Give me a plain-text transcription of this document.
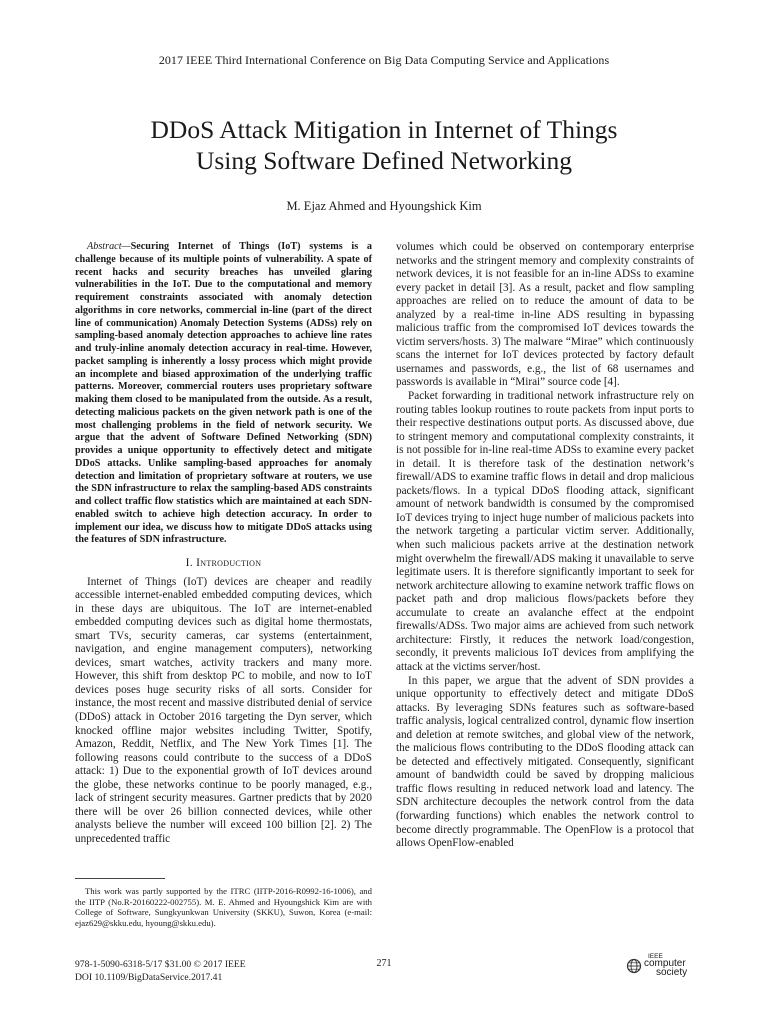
2017 IEEE Third International Conference on Big Data Computing Service and Applications
DDoS Attack Mitigation in Internet of Things
Using Software Defined Networking
M. Ejaz Ahmed and Hyoungshick Kim

Abstract—Securing Internet of Things (IoT) systems is a challenge because of its multiple points of vulnerability. A spate of recent hacks and security breaches has unveiled glaring vulnerabilities in the IoT. Due to the computational and memory requirement constraints associated with anomaly detection algorithms in core networks, commercial in-line (part of the direct line of communication) Anomaly Detection Systems (ADSs) rely on sampling-based anomaly detection approaches to achieve line rates and truly-inline anomaly detection accuracy in real-time. However, packet sampling is inherently a lossy process which might provide an incomplete and biased approximation of the underlying traffic patterns. Moreover, commercial routers uses proprietary software making them closed to be manipulated from the outside. As a result, detecting malicious packets on the given network path is one of the most challenging problems in the field of network security. We argue that the advent of Software Defined Networking (SDN) provides a unique opportunity to effectively detect and mitigate DDoS attacks. Unlike sampling-based approaches for anomaly detection and limitation of proprietary software at routers, we use the SDN infrastructure to relax the sampling-based ADS constraints and collect traffic flow statistics which are maintained at each SDN-enabled switch to achieve high detection accuracy. In order to implement our idea, we discuss how to mitigate DDoS attacks using the features of SDN infrastructure.

I. Introduction

Internet of Things (IoT) devices are cheaper and readily accessible internet-enabled embedded computing devices, which in these days are ubiquitous. The IoT are internet-enabled embedded computing devices such as digital home thermostats, smart TVs, security cameras, car systems (entertainment, navigation, and engine management computers), networking devices, smart watches, activity trackers and many more. However, this shift from desktop PC to mobile, and now to IoT devices poses huge security risks of all sorts. Consider for instance, the most recent and massive distributed denial of service (DDoS) attack in October 2016 targeting the Dyn server, which knocked offline major websites including Twitter, Spotify, Amazon, Reddit, Netflix, and The New York Times [1]. The following reasons could contribute to the success of a DDoS attack: 1) Due to the exponential growth of IoT devices around the globe, these networks continue to be poorly managed, e.g., lack of stringent security measures. Gartner predicts that by 2020 there will be over 26 billion connected devices, while other analysts believe the number will exceed 100 billion [2]. 2) The unprecedented traffic

volumes which could be observed on contemporary enterprise networks and the stringent memory and complexity constraints of network devices, it is not feasible for an in-line ADSs to examine every packet in detail [3]. As a result, packet and flow sampling approaches are relied on to reduce the amount of data to be analyzed by a real-time in-line ADS resulting in bypassing malicious traffic from the compromised IoT devices towards the victim servers/hosts. 3) The malware “Mirae” which continuously scans the internet for IoT devices protected by factory default usernames and passwords, e.g., the list of 68 usernames and passwords is available in “Mirai” source code [4].

Packet forwarding in traditional network infrastructure rely on routing tables lookup routines to route packets from input ports to their respective destinations output ports. As discussed above, due to stringent memory and computational complexity constraints, it is not possible for in-line real-time ADSs to examine every packet in detail. It is therefore task of the destination network’s firewall/ADS to examine traffic flows in detail and drop malicious packets/flows. In a typical DDoS flooding attack, significant amount of network bandwidth is consumed by the compromised IoT devices trying to inject huge number of malicious packets into the network targeting a particular victim server. Additionally, when such malicious packets arrive at the destination network might overwhelm the firewall/ADS making it unavailable to serve legitimate users. It is therefore significantly important to seek for network architecture allowing to examine network traffic flows on packet path and drop malicious flows/packets before they accumulate to create an avalanche effect at the endpoint firewalls/ADSs. Two major aims are achieved from such network architecture: Firstly, it reduces the network load/congestion, secondly, it prevents malicious IoT devices from amplifying the attack at the victims server/host.

In this paper, we argue that the advent of SDN provides a unique opportunity to effectively detect and mitigate DDoS attacks. By leveraging SDNs features such as software-based traffic analysis, logical centralized control, dynamic flow insertion and deletion at remote switches, and global view of the network, the malicious flows contributing to the DDoS flooding attack can be detected and effectively mitigated. Consequently, significant amount of bandwidth could be saved by dropping malicious traffic flows resulting in reduced network load and latency. The SDN architecture decouples the network control from the data (forwarding functions) which enables the network control to become directly programmable. The OpenFlow is a protocol that allows OpenFlow-enabled

This work was partly supported by the ITRC (IITP-2016-R0992-16-1006), and the IITP (No.R-20160222-002755). M. E. Ahmed and Hyoungshick Kim are with College of Software, Sungkyunkwan University (SKKU), Suwon, Korea (e-mail: ejaz629@skku.edu, hyoung@skku.edu).
978-1-5090-6318-5/17 $31.00 © 2017 IEEE
DOI 10.1109/BigDataService.2017.41
271
IEEE
computer
society
